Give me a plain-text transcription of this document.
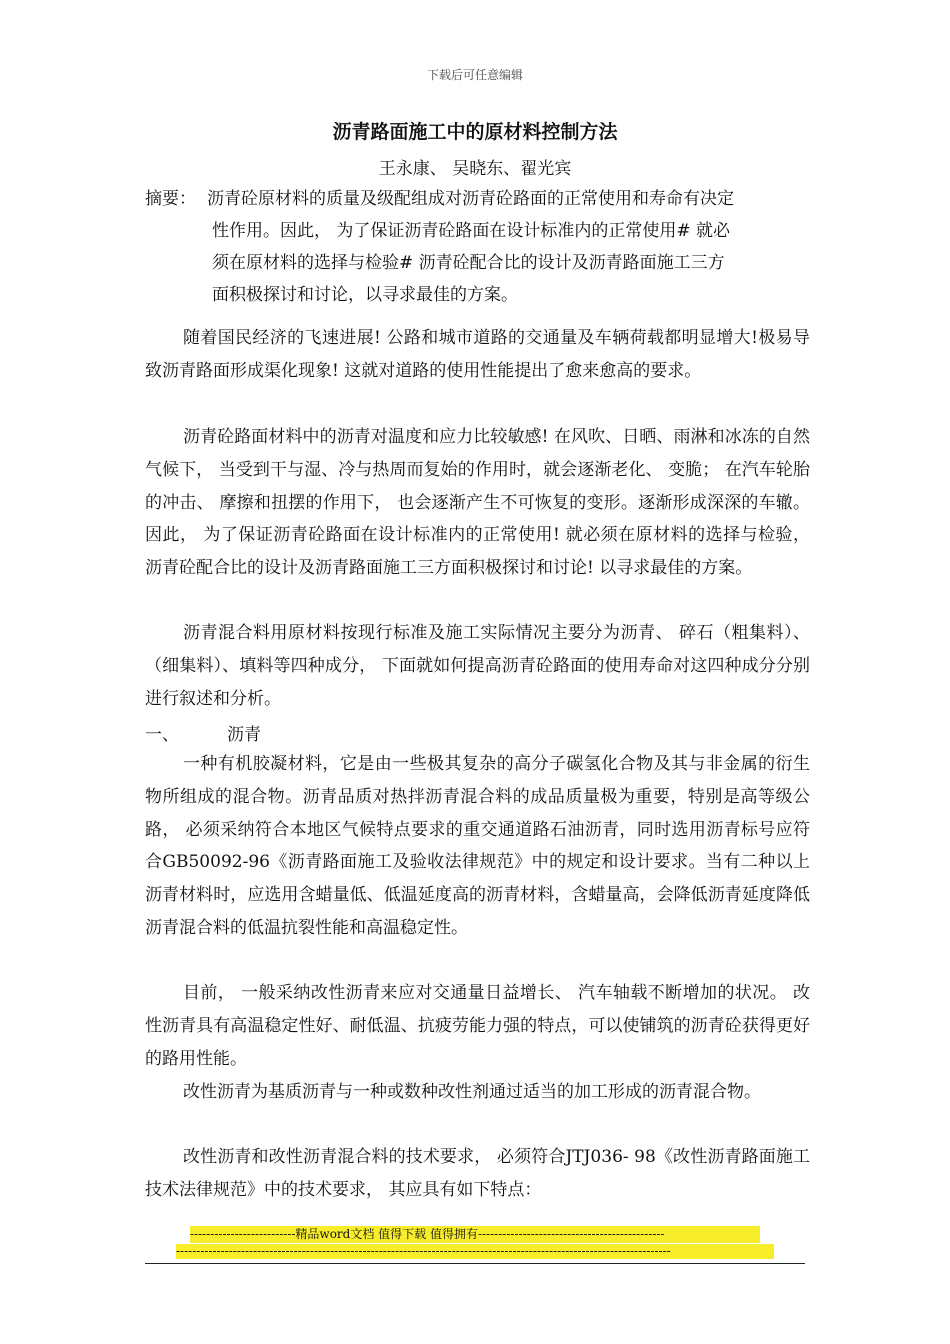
下载后可任意编辑
沥青路面施工中的原材料控制方法
王永康、 吴晓东、翟光宾
摘要： 沥青砼原材料的质量及级配组成对沥青砼路面的正常使用和寿命有决定
性作用。因此， 为了保证沥青砼路面在设计标准内的正常使用# 就必
须在原材料的选择与检验# 沥青砼配合比的设计及沥青路面施工三方
面积极探讨和讨论，以寻求最佳的方案。
随着国民经济的飞速进展! 公路和城市道路的交通量及车辆荷载都明显增大!极易导致沥青路面形成渠化现象! 这就对道路的使用性能提出了愈来愈高的要求。
沥青砼路面材料中的沥青对温度和应力比较敏感! 在风吹、日晒、雨淋和冰冻的自然气候下， 当受到干与湿、冷与热周而复始的作用时，就会逐渐老化、 变脆； 在汽车轮胎的冲击、 摩擦和扭摆的作用下， 也会逐渐产生不可恢复的变形。逐渐形成深深的车辙。因此， 为了保证沥青砼路面在设计标准内的正常使用! 就必须在原材料的选择与检验， 沥青砼配合比的设计及沥青路面施工三方面积极探讨和讨论! 以寻求最佳的方案。
沥青混合料用原材料按现行标准及施工实际情况主要分为沥青、 碎石（粗集料）、（细集料）、填料等四种成分， 下面就如何提高沥青砼路面的使用寿命对这四种成分分别进行叙述和分析。
一、	沥青
一种有机胶凝材料，它是由一些极其复杂的高分子碳氢化合物及其与非金属的衍生物所组成的混合物。沥青品质对热拌沥青混合料的成品质量极为重要，特别是高等级公路， 必须采纳符合本地区气候特点要求的重交通道路石油沥青，同时选用沥青标号应符合GB50092-96《沥青路面施工及验收法律规范》中的规定和设计要求。当有二种以上沥青材料时，应选用含蜡量低、低温延度高的沥青材料，含蜡量高，会降低沥青延度降低沥青混合料的低温抗裂性能和高温稳定性。
目前， 一般采纳改性沥青来应对交通量日益增长、 汽车轴载不断增加的状况。 改性沥青具有高温稳定性好、耐低温、抗疲劳能力强的特点，可以使铺筑的沥青砼获得更好的路用性能。
改性沥青为基质沥青与一种或数种改性剂通过适当的加工形成的沥青混合物。
改性沥青和改性沥青混合料的技术要求， 必须符合JTJ036- 98《改性沥青路面施工技术法律规范》中的技术要求， 其应具有如下特点：
--------------------------精品word文档 值得下载 值得拥有----------------------------------------------
--------------------------------------------------------------------------------------------------------------------------
